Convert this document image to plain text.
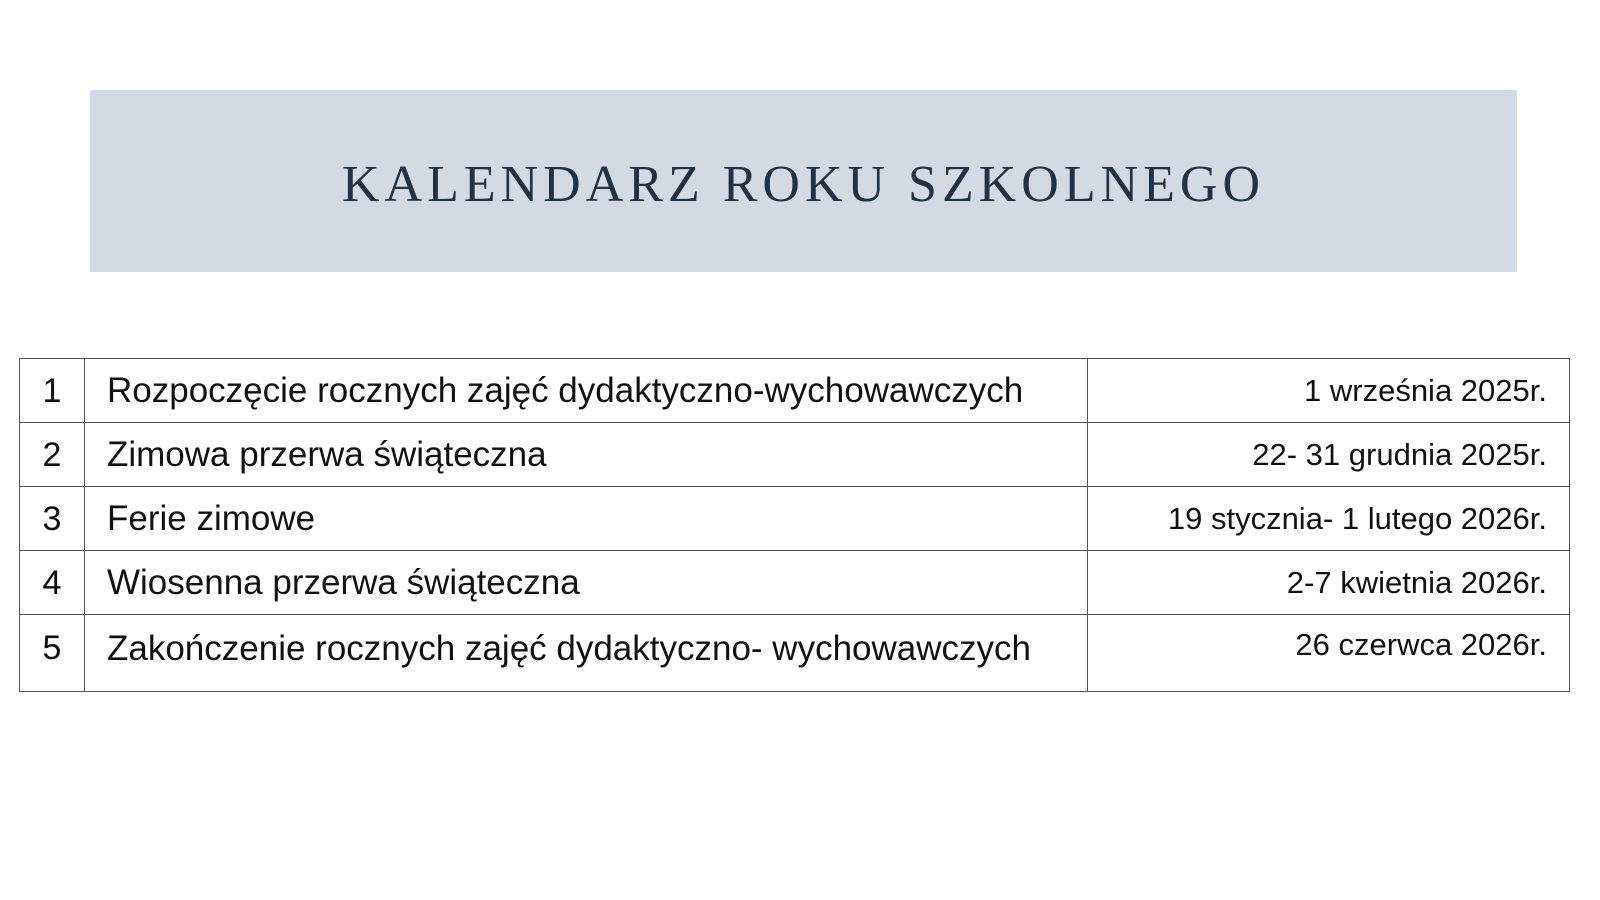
KALENDARZ ROKU SZKOLNEGO
1	Rozpoczęcie rocznych zajęć dydaktyczno-wychowawczych	1 września 2025r.
2	Zimowa przerwa świąteczna	22- 31 grudnia 2025r.
3	Ferie zimowe	19 stycznia- 1 lutego 2026r.
4	Wiosenna przerwa świąteczna	2-7 kwietnia 2026r.
5	Zakończenie rocznych zajęć dydaktyczno- wychowawczych	26 czerwca 2026r.
